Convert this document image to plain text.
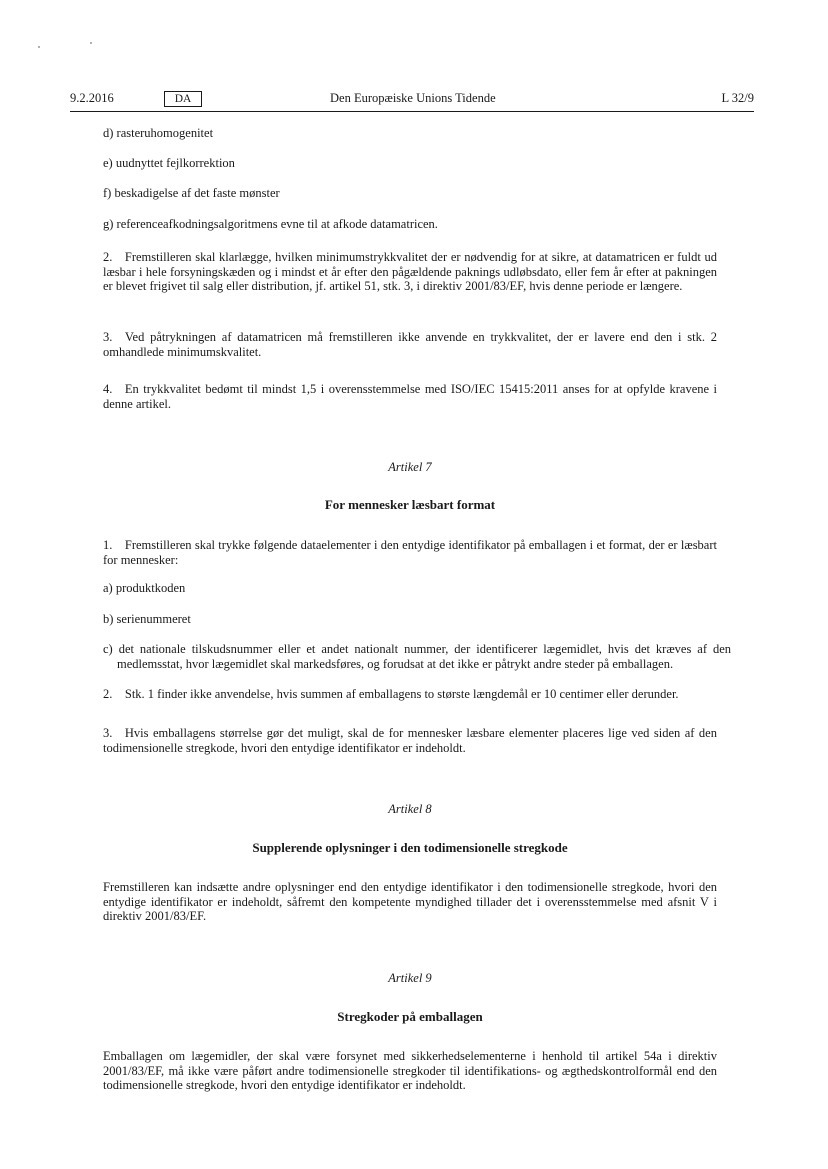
9.2.2016	DA	Den Europæiske Unions Tidende	L 32/9
d) rasteruhomogenitet
e) uudnyttet fejlkorrektion
f) beskadigelse af det faste mønster
g) referenceafkodningsalgoritmens evne til at afkode datamatricen.
2. Fremstilleren skal klarlægge, hvilken minimumstrykkvalitet der er nødvendig for at sikre, at datamatricen er fuldt ud læsbar i hele forsyningskæden og i mindst et år efter den pågældende paknings udløbsdato, eller fem år efter at pakningen er blevet frigivet til salg eller distribution, jf. artikel 51, stk. 3, i direktiv 2001/83/EF, hvis denne periode er længere.
3. Ved påtrykningen af datamatricen må fremstilleren ikke anvende en trykkvalitet, der er lavere end den i stk. 2 omhandlede minimumskvalitet.
4. En trykkvalitet bedømt til mindst 1,5 i overensstemmelse med ISO/IEC 15415:2011 anses for at opfylde kravene i denne artikel.
Artikel 7
For mennesker læsbart format
1. Fremstilleren skal trykke følgende dataelementer i den entydige identifikator på emballagen i et format, der er læsbart for mennesker:
a) produktkoden
b) serienummeret
c) det nationale tilskudsnummer eller et andet nationalt nummer, der identificerer lægemidlet, hvis det kræves af den medlemsstat, hvor lægemidlet skal markedsføres, og forudsat at det ikke er påtrykt andre steder på emballagen.
2. Stk. 1 finder ikke anvendelse, hvis summen af emballagens to største længdemål er 10 centimer eller derunder.
3. Hvis emballagens størrelse gør det muligt, skal de for mennesker læsbare elementer placeres lige ved siden af den todimensionelle stregkode, hvori den entydige identifikator er indeholdt.
Artikel 8
Supplerende oplysninger i den todimensionelle stregkode
Fremstilleren kan indsætte andre oplysninger end den entydige identifikator i den todimensionelle stregkode, hvori den entydige identifikator er indeholdt, såfremt den kompetente myndighed tillader det i overensstemmelse med afsnit V i direktiv 2001/83/EF.
Artikel 9
Stregkoder på emballagen
Emballagen om lægemidler, der skal være forsynet med sikkerhedselementerne i henhold til artikel 54a i direktiv 2001/83/EF, må ikke være påført andre todimensionelle stregkoder til identifikations- og ægthedskontrolformål end den todimensionelle stregkode, hvori den entydige identifikator er indeholdt.
